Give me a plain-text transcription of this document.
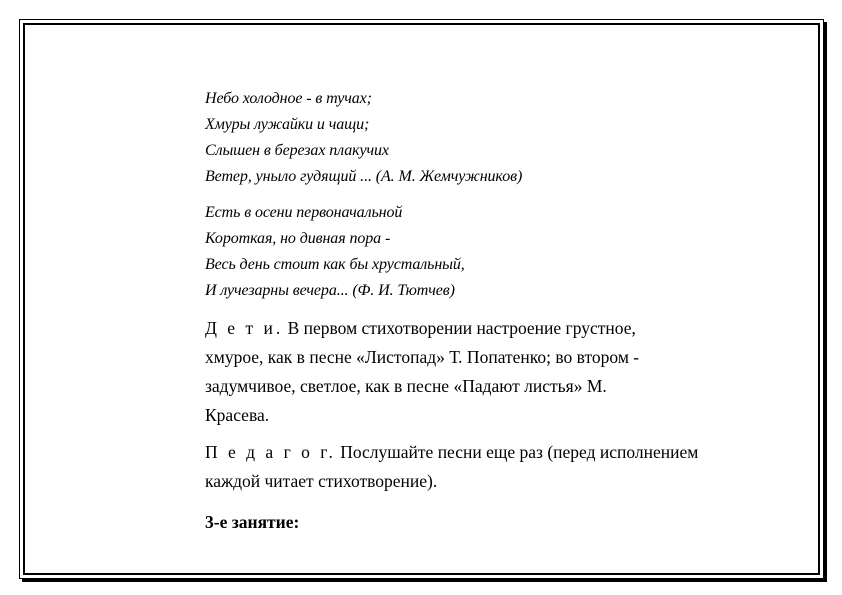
Небо холодное - в тучах;
Хмуры лужайки и чащи;
Слышен в березах плакучих
Ветер, уныло гудящий ... (А. М. Жемчужников)
Есть в осени первоначальной
Короткая, но дивная пора -
Весь день стоит как бы хрустальный,
И лучезарны вечера... (Ф. И. Тютчев)
Д е т и. В первом стихотворении настроение грустное,
хмурое, как в песне «Листопад» Т. Попатенко; во втором -
задумчивое, светлое, как в песне «Падают листья» М.
Красева.
П е д а г о г. Послушайте песни еще раз (перед исполнением
каждой читает стихотворение).
3-е занятие:
